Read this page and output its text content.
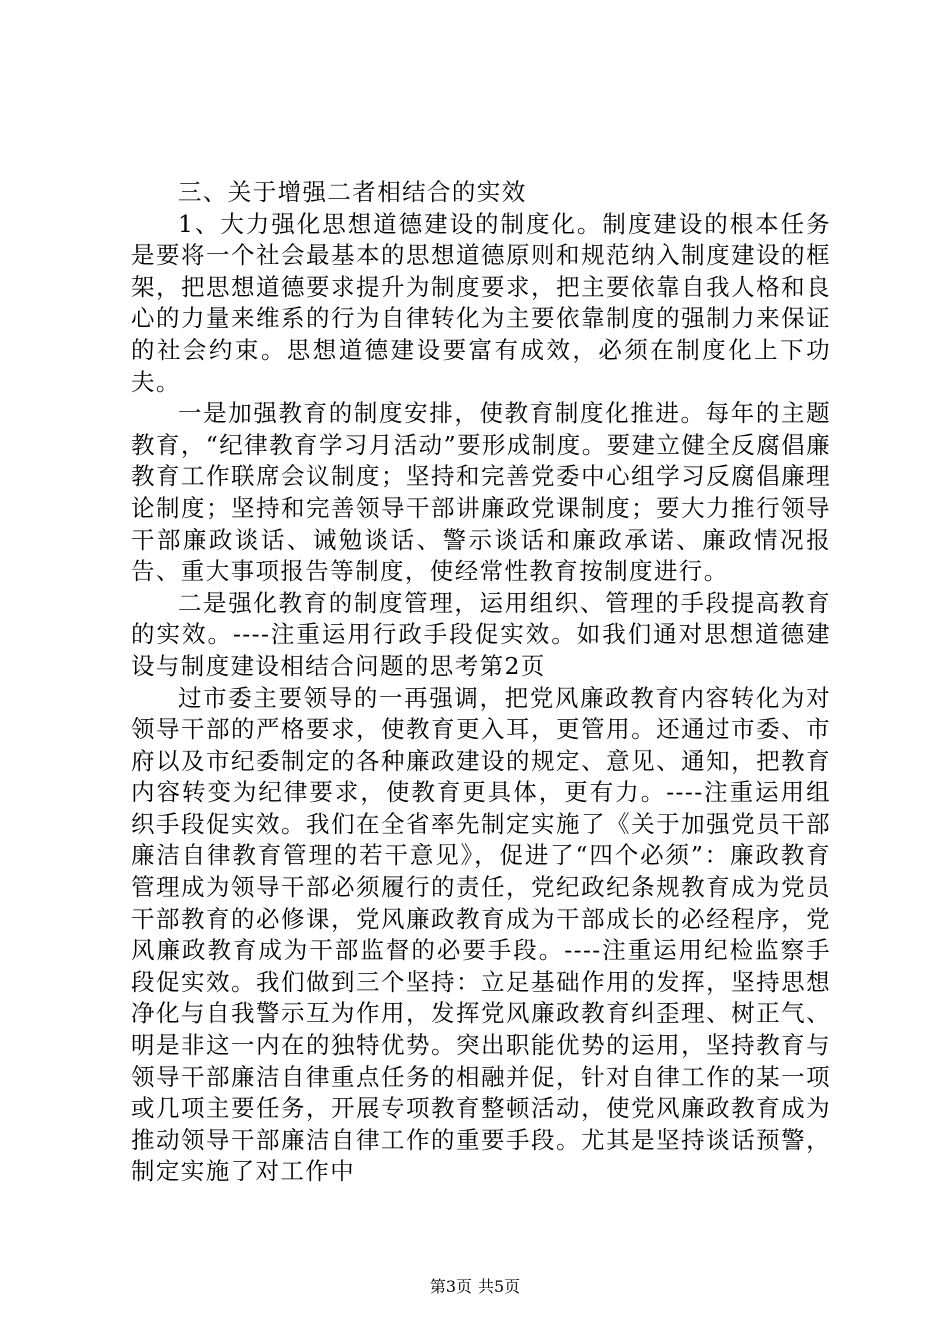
三、关于增强二者相结合的实效

1、大力强化思想道德建设的制度化。制度建设的根本任务是要将一个社会最基本的思想道德原则和规范纳入制度建设的框架，把思想道德要求提升为制度要求，把主要依靠自我人格和良心的力量来维系的行为自律转化为主要依靠制度的强制力来保证的社会约束。思想道德建设要富有成效，必须在制度化上下功夫。

一是加强教育的制度安排，使教育制度化推进。每年的主题教育，“纪律教育学习月活动”要形成制度。要建立健全反腐倡廉教育工作联席会议制度；坚持和完善党委中心组学习反腐倡廉理论制度；坚持和完善领导干部讲廉政党课制度；要大力推行领导干部廉政谈话、诫勉谈话、警示谈话和廉政承诺、廉政情况报告、重大事项报告等制度，使经常性教育按制度进行。

二是强化教育的制度管理，运用组织、管理的手段提高教育的实效。----注重运用行政手段促实效。如我们通对思想道德建设与制度建设相结合问题的思考第2页

过市委主要领导的一再强调，把党风廉政教育内容转化为对领导干部的严格要求，使教育更入耳，更管用。还通过市委、市府以及市纪委制定的各种廉政建设的规定、意见、通知，把教育内容转变为纪律要求，使教育更具体，更有力。----注重运用组织手段促实效。我们在全省率先制定实施了《关于加强党员干部廉洁自律教育管理的若干意见》，促进了“四个必须”：廉政教育管理成为领导干部必须履行的责任，党纪政纪条规教育成为党员干部教育的必修课，党风廉政教育成为干部成长的必经程序，党风廉政教育成为干部监督的必要手段。----注重运用纪检监察手段促实效。我们做到三个坚持：立足基础作用的发挥，坚持思想净化与自我警示互为作用，发挥党风廉政教育纠歪理、树正气、明是非这一内在的独特优势。突出职能优势的运用，坚持教育与领导干部廉洁自律重点任务的相融并促，针对自律工作的某一项或几项主要任务，开展专项教育整顿活动，使党风廉政教育成为推动领导干部廉洁自律工作的重要手段。尤其是坚持谈话预警，制定实施了对工作中

第3页 共5页
